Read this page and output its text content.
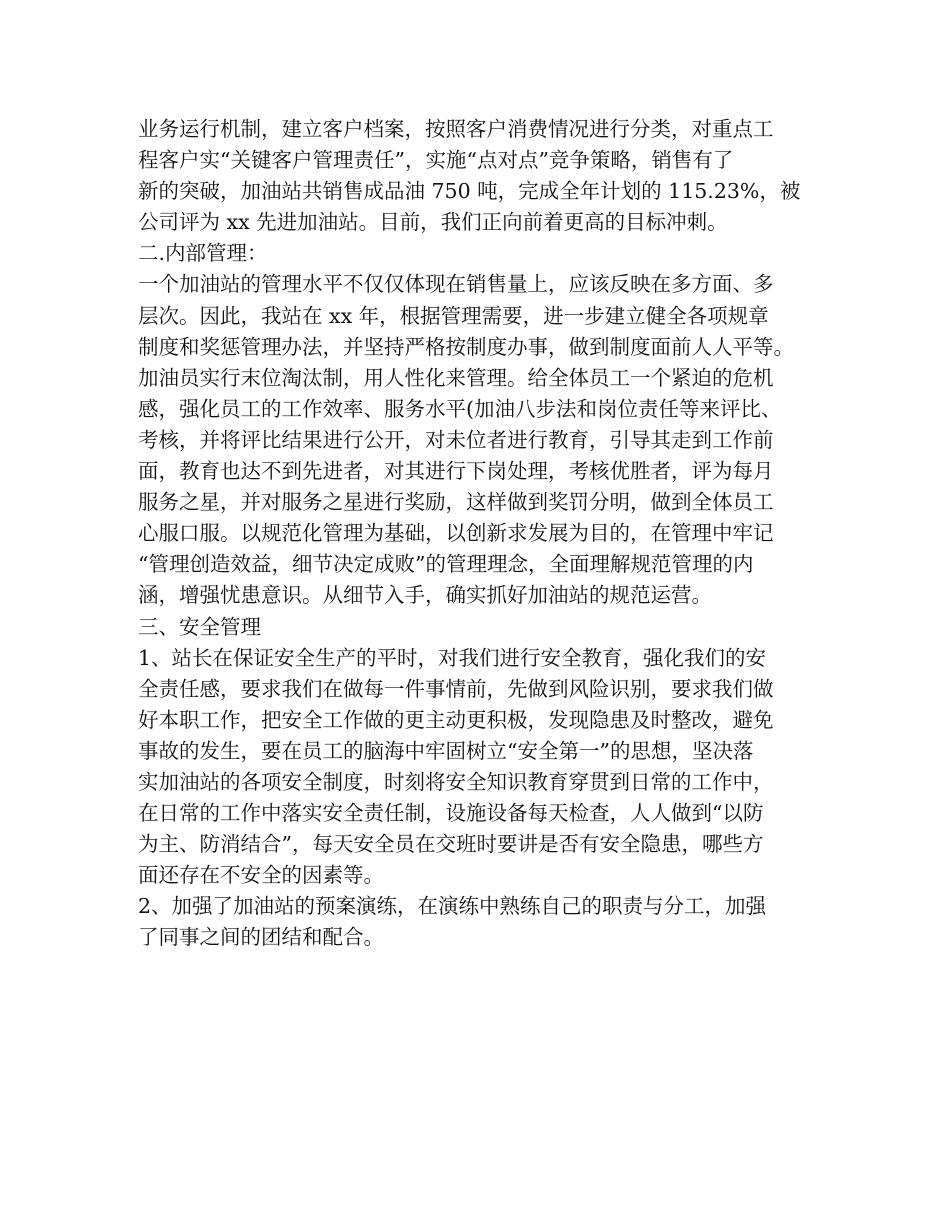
业务运行机制，建立客户档案，按照客户消费情况进行分类，对重点工
程客户实“关键客户管理责任”，实施“点对点”竞争策略，销售有了
新的突破，加油站共销售成品油 750 吨，完成全年计划的 115.23%，被
公司评为 xx 先进加油站。目前，我们正向前着更高的目标冲刺。
二.内部管理：
一个加油站的管理水平不仅仅体现在销售量上，应该反映在多方面、多
层次。因此，我站在 xx 年，根据管理需要，进一步建立健全各项规章
制度和奖惩管理办法，并坚持严格按制度办事，做到制度面前人人平等。
加油员实行末位淘汰制，用人性化来管理。给全体员工一个紧迫的危机
感，强化员工的工作效率、服务水平(加油八步法和岗位责任等来评比、
考核，并将评比结果进行公开，对未位者进行教育，引导其走到工作前
面，教育也达不到先进者，对其进行下岗处理，考核优胜者，评为每月
服务之星，并对服务之星进行奖励，这样做到奖罚分明，做到全体员工
心服口服。以规范化管理为基础，以创新求发展为目的，在管理中牢记
“管理创造效益，细节决定成败”的管理理念，全面理解规范管理的内
涵，增强忧患意识。从细节入手，确实抓好加油站的规范运营。
三、安全管理
1、站长在保证安全生产的平时，对我们进行安全教育，强化我们的安
全责任感，要求我们在做每一件事情前，先做到风险识别，要求我们做
好本职工作，把安全工作做的更主动更积极，发现隐患及时整改，避免
事故的发生，要在员工的脑海中牢固树立“安全第一”的思想，坚决落
实加油站的各项安全制度，时刻将安全知识教育穿贯到日常的工作中，
在日常的工作中落实安全责任制，设施设备每天检查，人人做到“以防
为主、防消结合”，每天安全员在交班时要讲是否有安全隐患，哪些方
面还存在不安全的因素等。
2、加强了加油站的预案演练，在演练中熟练自己的职责与分工，加强
了同事之间的团结和配合。
